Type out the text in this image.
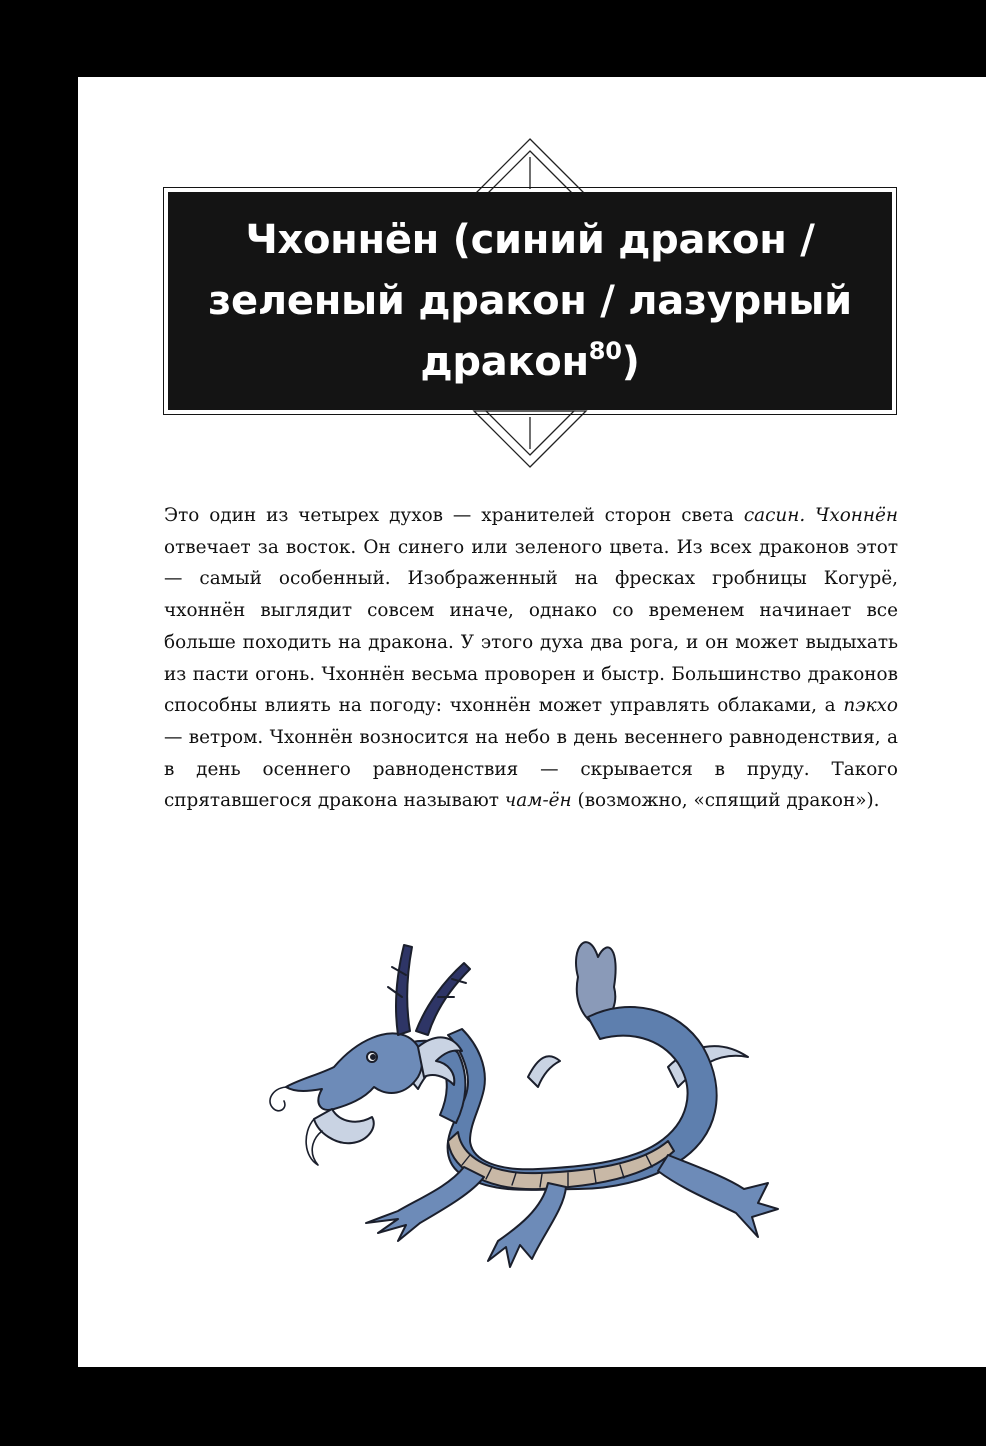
Чхоннён (синий дракон /
зеленый дракон / лазурный
дракон$^{80}$)

Это один из четырех духов — хранителей сторон света сасин. Чхоннён отвечает за восток. Он синего или зеленого цвета. Из всех драконов этот — самый особенный. Изображенный на фресках гробницы Когурё, чхоннён выглядит совсем иначе, однако со временем начинает все больше походить на дракона. У этого духа два рога, и он может выдыхать из пасти огонь. Чхоннён весьма проворен и быстр. Большинство драконов способны влиять на погоду: чхоннён может управлять облаками, а пэкхо — ветром. Чхоннён возносится на небо в день весеннего равноденствия, а в день осеннего равноденствия — скрывается в пруду. Такого спрятавшегося дракона называют чам-ён (возможно, «спящий дракон»).
